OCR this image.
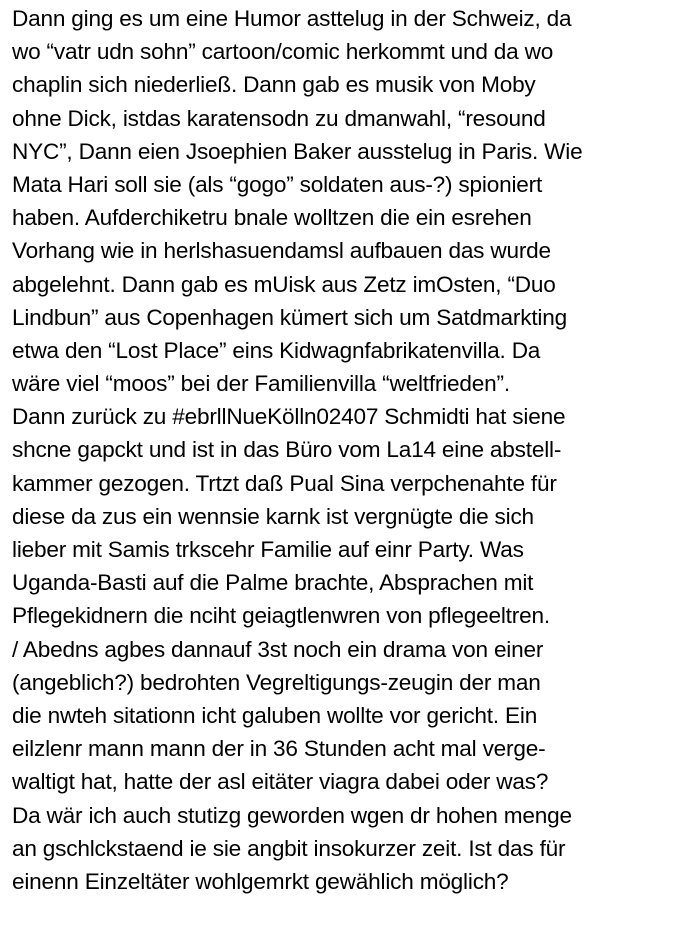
Dann ging es um eine Humor asttelug in der Schweiz, da
wo “vatr udn sohn” cartoon/comic herkommt und da wo
chaplin sich niederließ. Dann gab es musik von Moby
ohne Dick, istdas karatensodn zu dmanwahl, “resound
NYC”, Dann eien Jsoephien Baker ausstelug in Paris. Wie
Mata Hari soll sie (als “gogo” soldaten aus-?) spioniert
haben. Aufderchiketru bnale wolltzen die ein esrehen
Vorhang wie in herlshasuendamsl aufbauen das wurde
abgelehnt. Dann gab es mUisk aus Zetz imOsten, “Duo
Lindbun” aus Copenhagen kümert sich um Satdmarkting
etwa den “Lost Place” eins Kidwagnfabrikatenvilla. Da
wäre viel “moos” bei der Familienvilla “weltfrieden”.
Dann zurück zu #ebrllNueKölln02407 Schmidti hat siene
shcne gapckt und ist in das Büro vom La14 eine abstell-
kammer gezogen. Trtzt daß Pual Sina verpchenahte für
diese da zus ein wennsie karnk ist vergnügte die sich
lieber mit Samis trkscehr Familie auf einr Party. Was
Uganda-Basti auf die Palme brachte, Absprachen mit
Pflegekidnern die nciht geiagtlenwren von pflegeeltren.
/ Abedns agbes dannauf 3st noch ein drama von einer
(angeblich?) bedrohten Vegreltigungs-zeugin der man
die nwteh sitationn icht galuben wollte vor gericht. Ein
eilzlenr mann mann der in 36 Stunden acht mal verge-
waltigt hat, hatte der asl eitäter viagra dabei oder was?
Da wär ich auch stutizg geworden wgen dr hohen menge
an gschlckstaend ie sie angbit insokurzer zeit. Ist das für
einenn Einzeltäter wohlgemrkt gewählich möglich?
